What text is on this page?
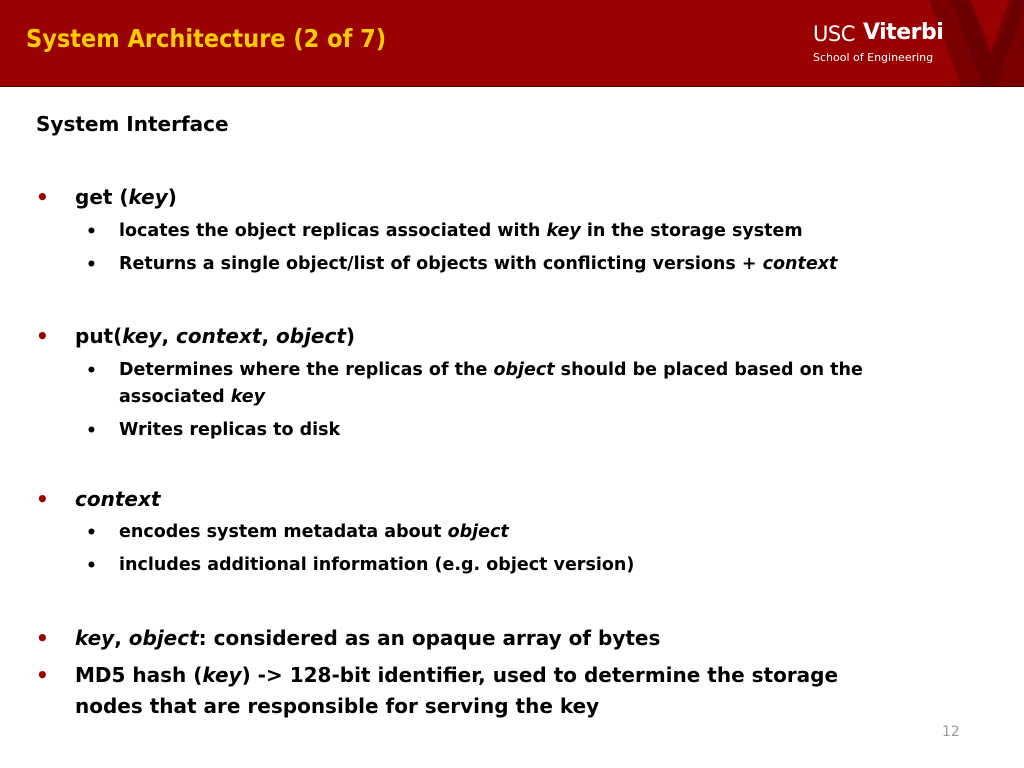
System Architecture (2 of 7)	USC Viterbi
School of Engineering
System Interface
• get (key)
• locates the object replicas associated with key in the storage system
• Returns a single object/list of objects with conflicting versions + context
• put(key, context, object)
• Determines where the replicas of the object should be placed based on the
associated key
• Writes replicas to disk
• context
• encodes system metadata about object
• includes additional information (e.g. object version)
• key, object: considered as an opaque array of bytes
• MD5 hash (key) -> 128-bit identifier, used to determine the storage
nodes that are responsible for serving the key
12
